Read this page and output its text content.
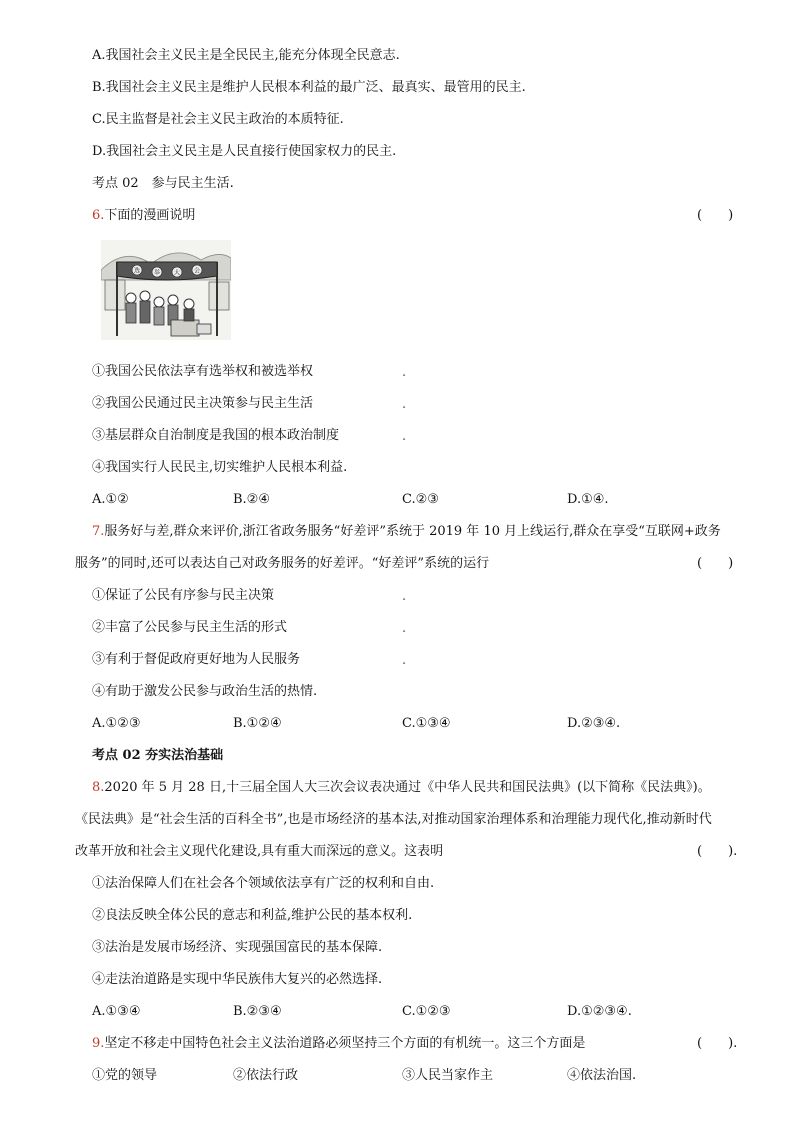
A.我国社会主义民主是全民民主,能充分体现全民意志.
B.我国社会主义民主是维护人民根本利益的最广泛、最真实、最管用的民主.
C.民主监督是社会主义民主政治的本质特征.
D.我国社会主义民主是人民直接行使国家权力的民主.
考点 02　参与民主生活.
6.下面的漫画说明	(　　)
选 举 大 会
①我国公民依法享有选举权和被选举权	.
②我国公民通过民主决策参与民主生活	.
③基层群众自治制度是我国的根本政治制度	.
④我国实行人民民主,切实维护人民根本利益.
A.①②	B.②④	C.②③	D.①④.
7.服务好与差,群众来评价,浙江省政务服务“好差评”系统于 2019 年 10 月上线运行,群众在享受“互联网+政务
服务”的同时,还可以表达自己对政务服务的好差评。“好差评”系统的运行	(　　)
①保证了公民有序参与民主决策	.
②丰富了公民参与民主生活的形式	.
③有利于督促政府更好地为人民服务	.
④有助于激发公民参与政治生活的热情.
A.①②③	B.①②④	C.①③④	D.②③④.
考点 02 夯实法治基础
8.2020 年 5 月 28 日,十三届全国人大三次会议表决通过《中华人民共和国民法典》(以下简称《民法典》)。
《民法典》是“社会生活的百科全书”,也是市场经济的基本法,对推动国家治理体系和治理能力现代化,推动新时代
改革开放和社会主义现代化建设,具有重大而深远的意义。这表明	(　　).
①法治保障人们在社会各个领域依法享有广泛的权利和自由.
②良法反映全体公民的意志和利益,维护公民的基本权利.
③法治是发展市场经济、实现强国富民的基本保障.
④走法治道路是实现中华民族伟大复兴的必然选择.
A.①③④	B.②③④	C.①②③	D.①②③④.
9.坚定不移走中国特色社会主义法治道路必须坚持三个方面的有机统一。这三个方面是	(　　).
①党的领导	②依法行政	③人民当家作主	④依法治国.
